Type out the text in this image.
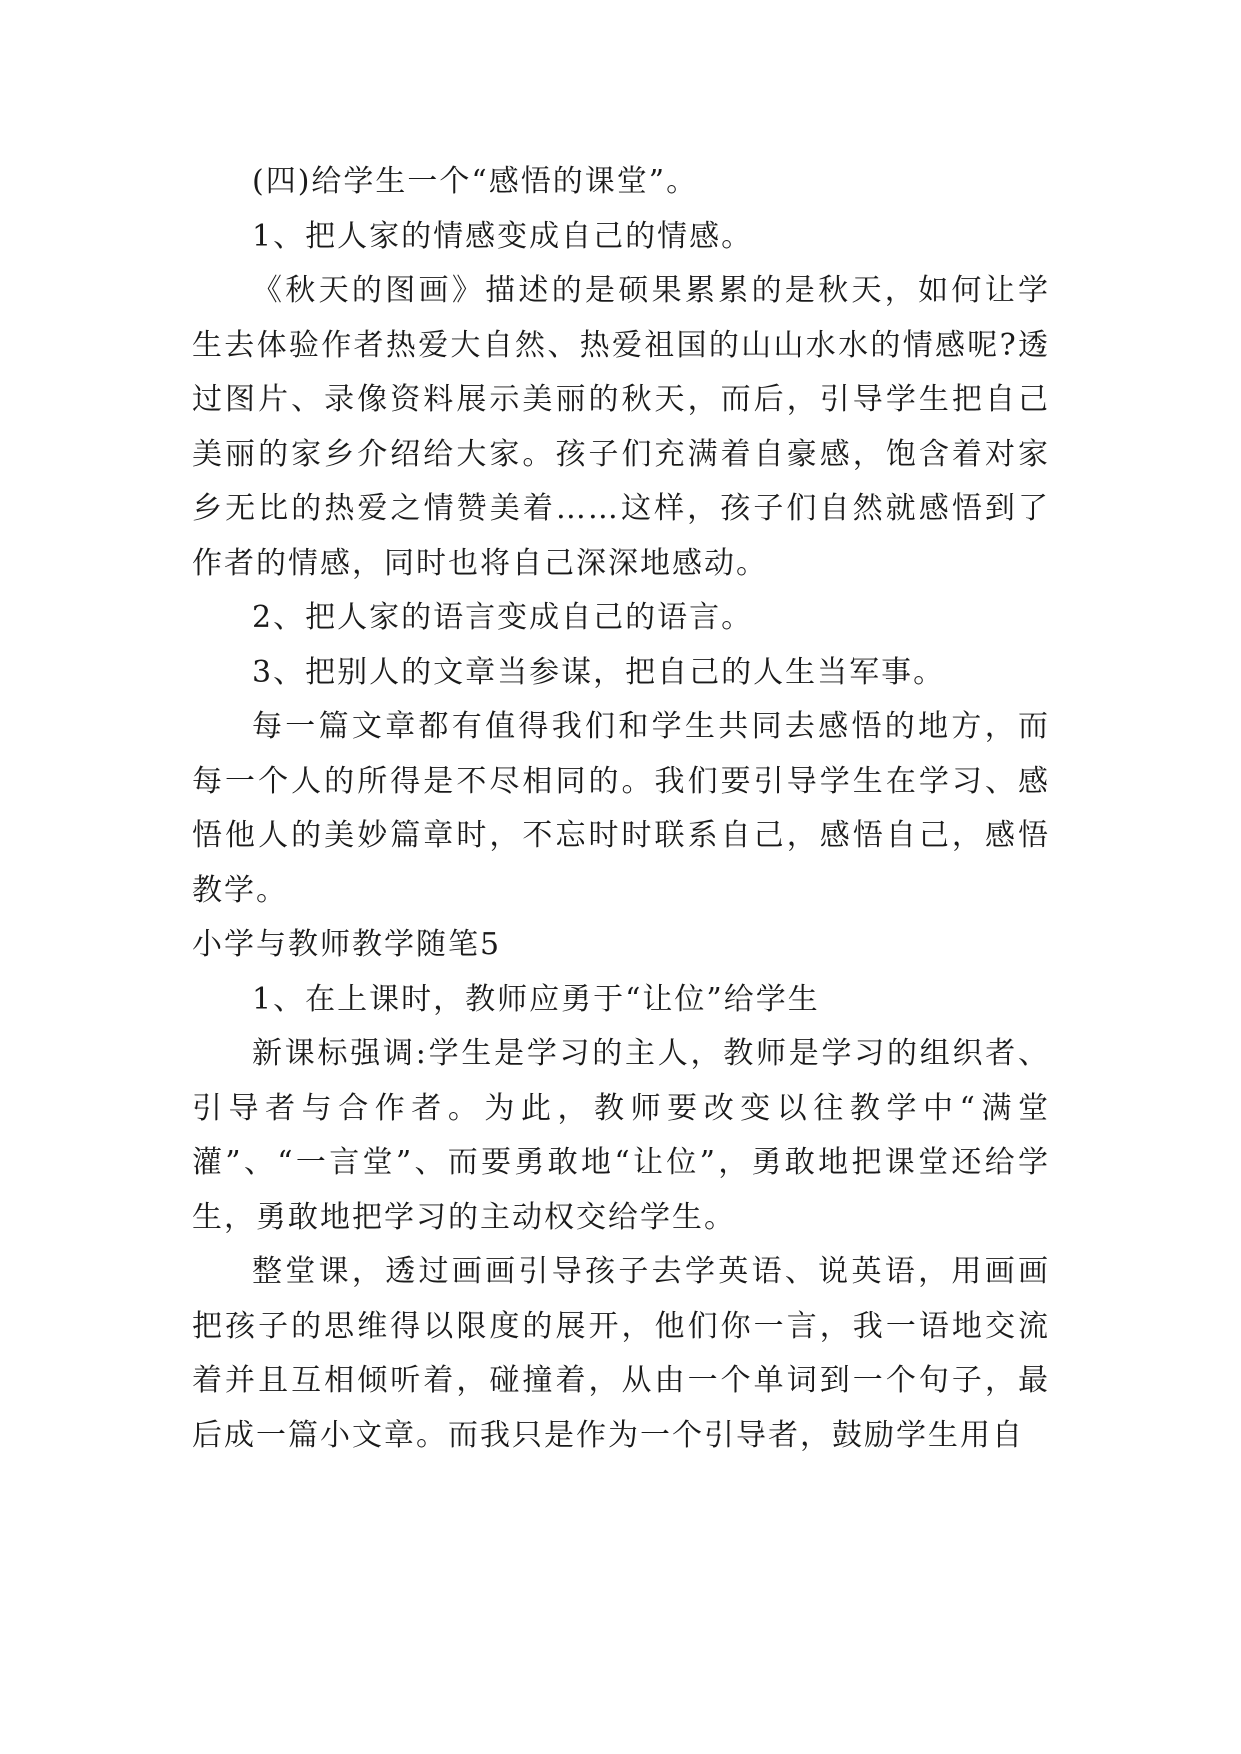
(四)给学生一个“感悟的课堂”。

1、把人家的情感变成自己的情感。

《秋天的图画》描述的是硕果累累的是秋天，如何让学生去体验作者热爱大自然、热爱祖国的山山水水的情感呢?透过图片、录像资料展示美丽的秋天，而后，引导学生把自己美丽的家乡介绍给大家。孩子们充满着自豪感，饱含着对家乡无比的热爱之情赞美着……这样，孩子们自然就感悟到了作者的情感，同时也将自己深深地感动。

2、把人家的语言变成自己的语言。

3、把别人的文章当参谋，把自己的人生当军事。

每一篇文章都有值得我们和学生共同去感悟的地方，而每一个人的所得是不尽相同的。我们要引导学生在学习、感悟他人的美妙篇章时，不忘时时联系自己，感悟自己，感悟教学。

小学与教师教学随笔5

1、在上课时，教师应勇于“让位”给学生

新课标强调:学生是学习的主人，教师是学习的组织者、引导者与合作者。为此，教师要改变以往教学中“满堂灌”、“一言堂”、而要勇敢地“让位”，勇敢地把课堂还给学生，勇敢地把学习的主动权交给学生。

整堂课，透过画画引导孩子去学英语、说英语，用画画把孩子的思维得以限度的展开，他们你一言，我一语地交流着并且互相倾听着，碰撞着，从由一个单词到一个句子，最后成一篇小文章。而我只是作为一个引导者，鼓励学生用自
